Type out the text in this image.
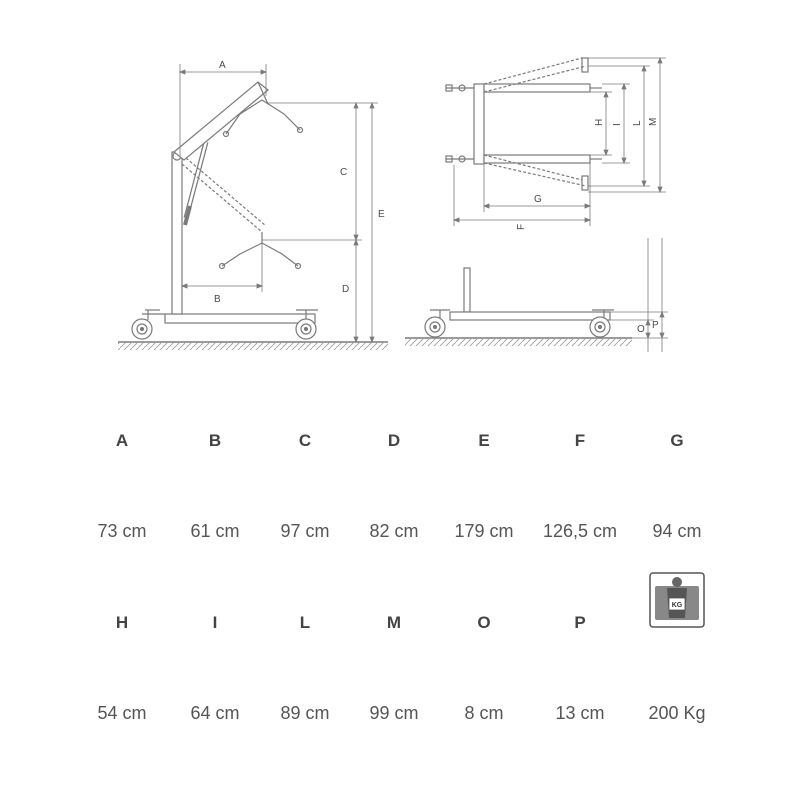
A
B
C
D
E
G
F
H I L M
O P
A
73 cm
B
61 cm
C
97 cm
D
82 cm
E
179 cm
F
126,5 cm
G
94 cm
H
54 cm
I
64 cm
L
89 cm
M
99 cm
O
8 cm
P
13 cm
KG
200 Kg
